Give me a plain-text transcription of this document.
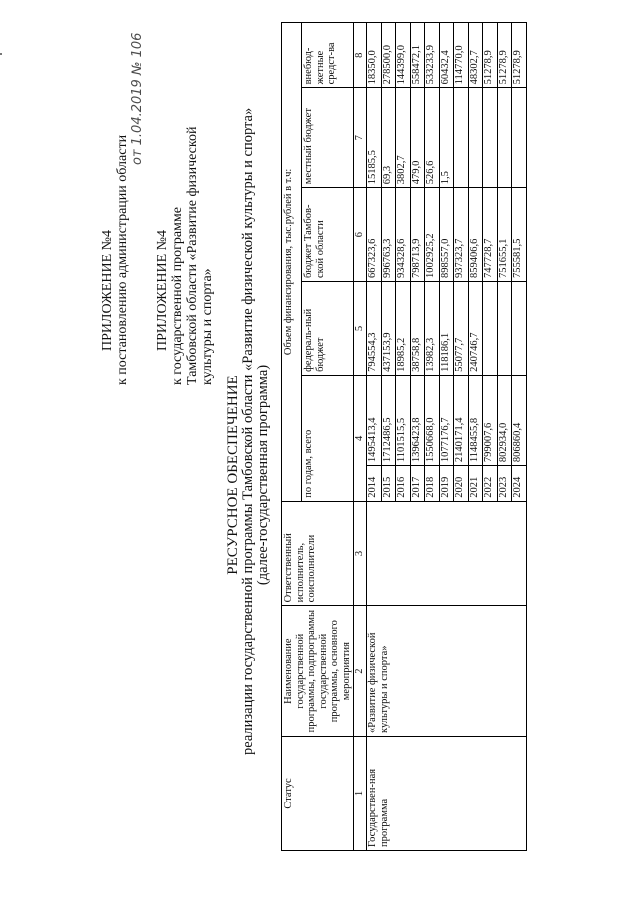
ПРИЛОЖЕНИЕ №4 к постановлению администрации области
от 1.04.2019 № 106
ПРИЛОЖЕНИЕ №4 к государственной программе Тамбовской области «Развитие физической культуры и спорта»
РЕСУРСНОЕ ОБЕСПЕЧЕНИЕ реализации государственной программы Тамбовской области «Развитие физической культуры и спорта» (далее-государственная программа)
Статус	Наименование государственной программы, подпрограммы государственной программы, основного мероприятия	Ответственный исполнитель, соисполнители	Объем финансирования, тыс.рублей в т.ч:					
			по годам, всего		федераль-ный бюджет	бюджет Тамбов-ской области	местный бюджет	внебюд-жетные средст-ва
1	2	3	4		5	6	7	8
Государствен-ная программа	«Развитие физической культуры и спорта»		2014	1495413,4	794554,3	667323,6	15185,5	18350,0
			2015	1712486,5	437153,9	996763,3	69,3	278500,0
			2016	1101515,5	18985,2	934328,6	3802,7	144399,0
			2017	1396423,8	38758,8	798713,9	479,0	558472,1
			2018	1550668,0	13982,3	1002925,2	526,6	533233,9
			2019	1077176,7	118186,1	898557,0	1,5	60432,4
			2020	2140171,4	55077,7	937323,7		114770,0
			2021	1148455,8	240746,7	859406,6		48302,7
			2022	799007,6		747728,7		51278,9
			2023	802934,0		751655,1		51278,9
			2024	806860,4		755581,5		51278,9
